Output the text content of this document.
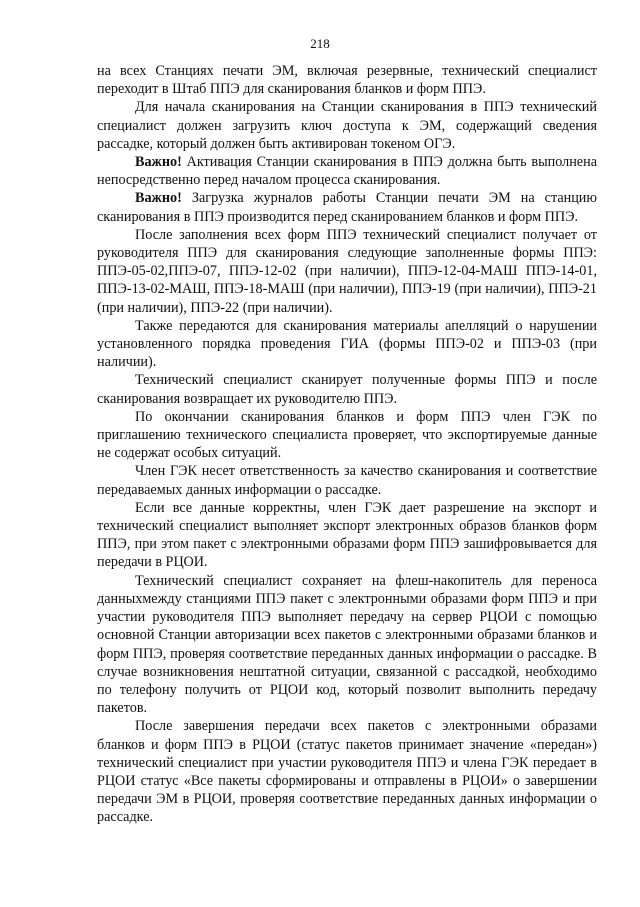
218

на всех Станциях печати ЭМ, включая резервные, технический специалист переходит в Штаб ППЭ для сканирования бланков и форм ППЭ.

Для начала сканирования на Станции сканирования в ППЭ технический специалист должен загрузить ключ доступа к ЭМ, содержащий сведения рассадке, который должен быть активирован токеном ОГЭ.

Важно! Активация Станции сканирования в ППЭ должна быть выполнена непосредственно перед началом процесса сканирования.

Важно! Загрузка журналов работы Станции печати ЭМ на станцию сканирования в ППЭ производится перед сканированием бланков и форм ППЭ.

После заполнения всех форм ППЭ технический специалист получает от руководителя ППЭ для сканирования следующие заполненные формы ППЭ: ППЭ-05-02,ППЭ-07, ППЭ-12-02 (при наличии), ППЭ-12-04-МАШ ППЭ-14-01, ППЭ-13-02-МАШ, ППЭ-18-МАШ (при наличии), ППЭ-19 (при наличии), ППЭ-21 (при наличии), ППЭ-22 (при наличии).

Также передаются для сканирования материалы апелляций о нарушении установленного порядка проведения ГИА (формы ППЭ-02 и ППЭ-03 (при наличии).

Технический специалист сканирует полученные формы ППЭ и после сканирования возвращает их руководителю ППЭ.

По окончании сканирования бланков и форм ППЭ член ГЭК по приглашению технического специалиста проверяет, что экспортируемые данные не содержат особых ситуаций.

Член ГЭК несет ответственность за качество сканирования и соответствие передаваемых данных информации о рассадке.

Если все данные корректны, член ГЭК дает разрешение на экспорт и технический специалист выполняет экспорт электронных образов бланков форм ППЭ, при этом пакет с электронными образами форм ППЭ зашифровывается для передачи в РЦОИ.

Технический специалист сохраняет на флеш-накопитель для переноса данныхмежду станциями ППЭ пакет с электронными образами форм ППЭ и при участии руководителя ППЭ выполняет передачу на сервер РЦОИ с помощью основной Станции авторизации всех пакетов с электронными образами бланков и форм ППЭ, проверяя соответствие переданных данных информации о рассадке. В случае возникновения нештатной ситуации, связанной с рассадкой, необходимо по телефону получить от РЦОИ код, который позволит выполнить передачу пакетов.

После завершения передачи всех пакетов с электронными образами бланков и форм ППЭ в РЦОИ (статус пакетов принимает значение «передан») технический специалист при участии руководителя ППЭ и члена ГЭК передает в РЦОИ статус «Все пакеты сформированы и отправлены в РЦОИ» о завершении передачи ЭМ в РЦОИ, проверяя соответствие переданных данных информации о рассадке.
